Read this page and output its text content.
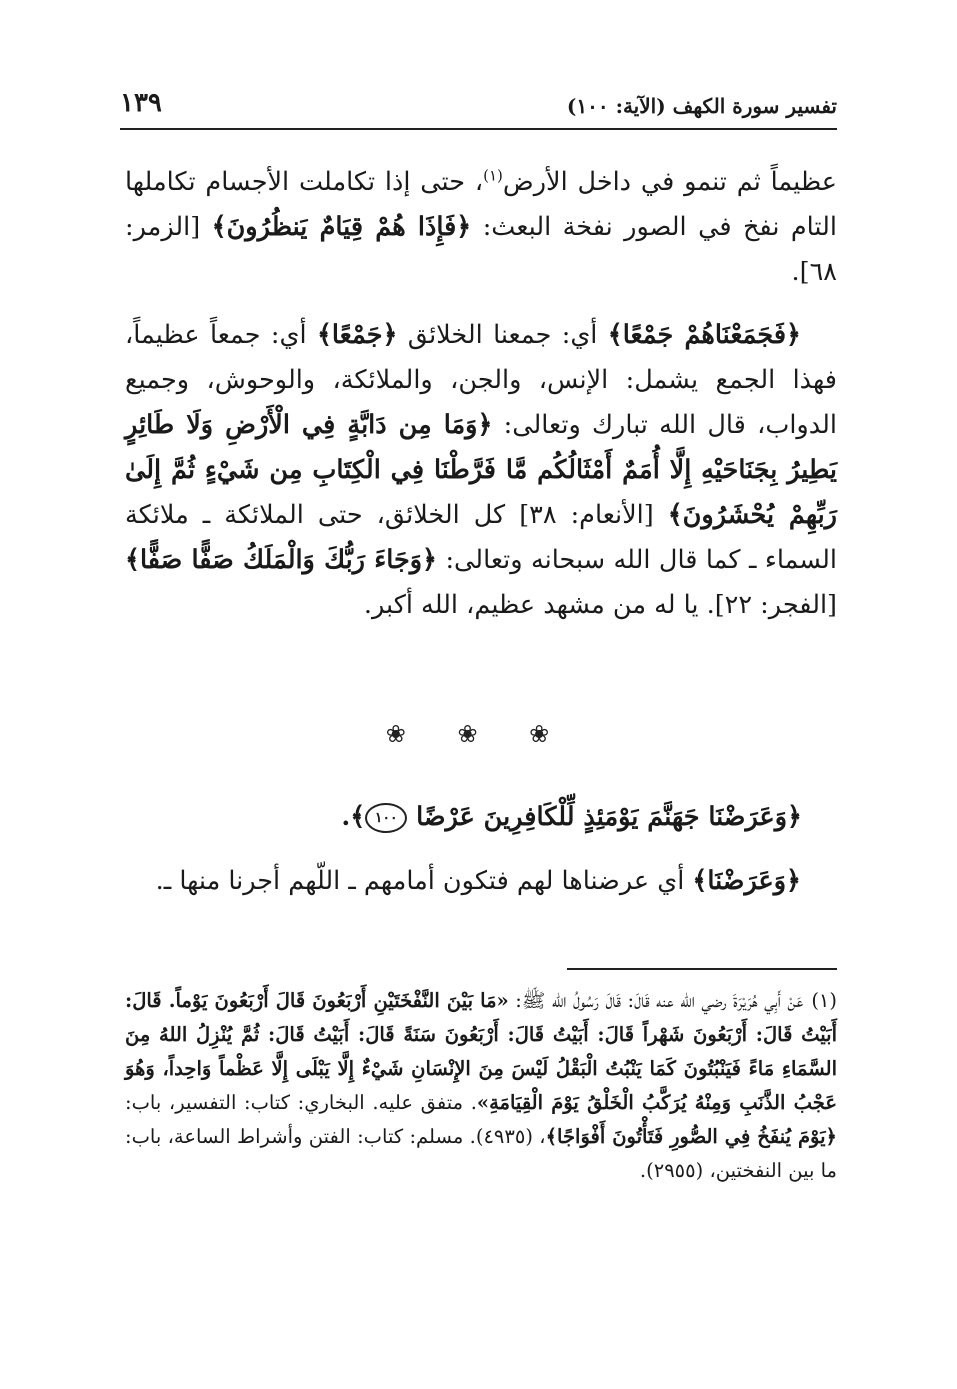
تفسير سورة الكهف (الآية: ١٠٠)
١٣٩
عظيماً ثم تنمو في داخل الأرض$^{(١)}$، حتى إذا تكاملت الأجسام تكاملها التام نفخ في الصور نفخة البعث: ﴿فَإِذَا هُمْ قِيَامٌ يَنظُرُونَ﴾ [الزمر: ٦٨].
﴿فَجَمَعْنَاهُمْ جَمْعًا﴾ أي: جمعنا الخلائق ﴿جَمْعًا﴾ أي: جمعاً عظيماً، فهذا الجمع يشمل: الإنس، والجن، والملائكة، والوحوش، وجميع الدواب، قال الله تبارك وتعالى: ﴿وَمَا مِن دَابَّةٍ فِي الْأَرْضِ وَلَا طَائِرٍ يَطِيرُ بِجَنَاحَيْهِ إِلَّا أُمَمٌ أَمْثَالُكُم مَّا فَرَّطْنَا فِي الْكِتَابِ مِن شَيْءٍ ثُمَّ إِلَىٰ رَبِّهِمْ يُحْشَرُونَ﴾ [الأنعام: ٣٨] كل الخلائق، حتى الملائكة ـ ملائكة السماء ـ كما قال الله سبحانه وتعالى: ﴿وَجَاءَ رَبُّكَ وَالْمَلَكُ صَفًّا صَفًّا﴾ [الفجر: ٢٢]. يا له من مشهد عظيم، الله أكبر.
❀ ❀ ❀
﴿وَعَرَضْنَا جَهَنَّمَ يَوْمَئِذٍ لِّلْكَافِرِينَ عَرْضًا ١٠٠﴾.
﴿وَعَرَضْنَا﴾ أي عرضناها لهم فتكون أمامهم ـ اللّهم أجرنا منها ـ.
(١)عَنْ أَبِي هُرَيْرَةَ رضي الله عنه قَالَ: قَالَ رَسُولُ الله ﷺ: «مَا بَيْنَ النَّفْخَتَيْنِ أَرْبَعُونَ قَالَ أَرْبَعُونَ يَوْماً. قَالَ: أَبَيْتُ قَالَ: أَرْبَعُونَ شَهْراً قَالَ: أَبَيْتُ قَالَ: أَرْبَعُونَ سَنَةً قَالَ: أَبَيْتُ قَالَ: ثُمَّ يُنْزِلُ اللهُ مِنَ السَّمَاءِ مَاءً فَيَنْبُتُونَ كَمَا يَنْبُتُ الْبَقْلُ لَيْسَ مِنَ الإِنْسَانِ شَيْءٌ إِلَّا يَبْلَى إِلَّا عَظْماً وَاحِداً، وَهُوَ عَجْبُ الذَّنَبِ وَمِنْهُ يُرَكَّبُ الْخَلْقُ يَوْمَ الْقِيَامَةِ». متفق عليه. البخاري: كتاب: التفسير، باب: ﴿يَوْمَ يُنفَخُ فِي الصُّورِ فَتَأْتُونَ أَفْوَاجًا﴾، (٤٩٣٥). مسلم: كتاب: الفتن وأشراط الساعة، باب: ما بين النفختين، (٢٩٥٥).
